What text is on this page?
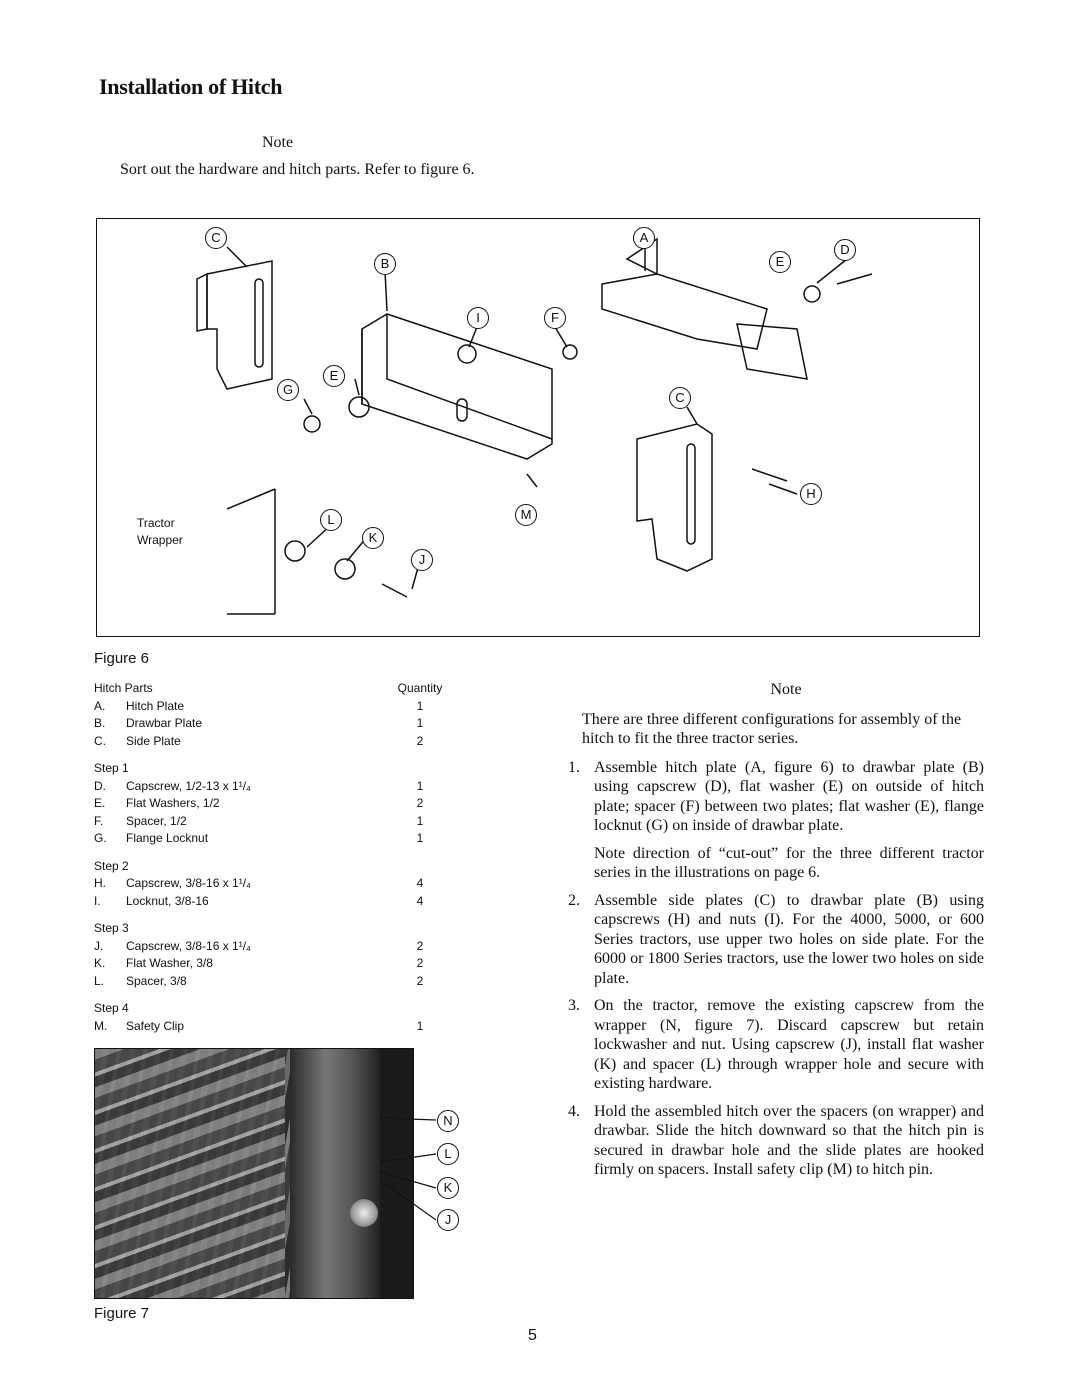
Installation of Hitch
Note
Sort out the hardware and hitch parts. Refer to figure 6.
C
B
A
E
D
I	F
G
E
C
H
M
L
K
J
Tractor
Wrapper
Figure 6
Hitch Parts	Quantity
A.	Hitch Plate	1
B.	Drawbar Plate	1
C.	Side Plate	2
Step 1
D.	Capscrew, 1/2-13 x 1¹/₄	1
E.	Flat Washers, 1/2	2
F.	Spacer, 1/2	1
G.	Flange Locknut	1
Step 2
H.	Capscrew, 3/8-16 x 1¹/₄	4
I.	Locknut, 3/8-16	4
Step 3
J.	Capscrew, 3/8-16 x 1¹/₄	2
K.	Flat Washer, 3/8	2
L.	Spacer, 3/8	2
Step 4
M.	Safety Clip	1

Note

There are three different configurations for assembly of the hitch to fit the three tractor series.

1. Assemble hitch plate (A, figure 6) to drawbar plate (B) using capscrew (D), flat washer (E) on outside of hitch plate; spacer (F) between two plates; flat washer (E), flange locknut (G) on inside of drawbar plate.

Note direction of “cut-out” for the three different tractor series in the illustrations on page 6.

2. Assemble side plates (C) to drawbar plate (B) using capscrews (H) and nuts (I). For the 4000, 5000, or 600 Series tractors, use upper two holes on side plate. For the 6000 or 1800 Series tractors, use the lower two holes on side plate.

3. On the tractor, remove the existing capscrew from the wrapper (N, figure 7). Discard capscrew but retain lockwasher and nut. Using capscrew (J), install flat washer (K) and spacer (L) through wrapper hole and secure with existing hardware.

4. Hold the assembled hitch over the spacers (on wrapper) and drawbar. Slide the hitch downward so that the hitch pin is secured in drawbar hole and the slide plates are hooked firmly on spacers. Install safety clip (M) to hitch pin.

N
L
K
J
Figure 7
5
